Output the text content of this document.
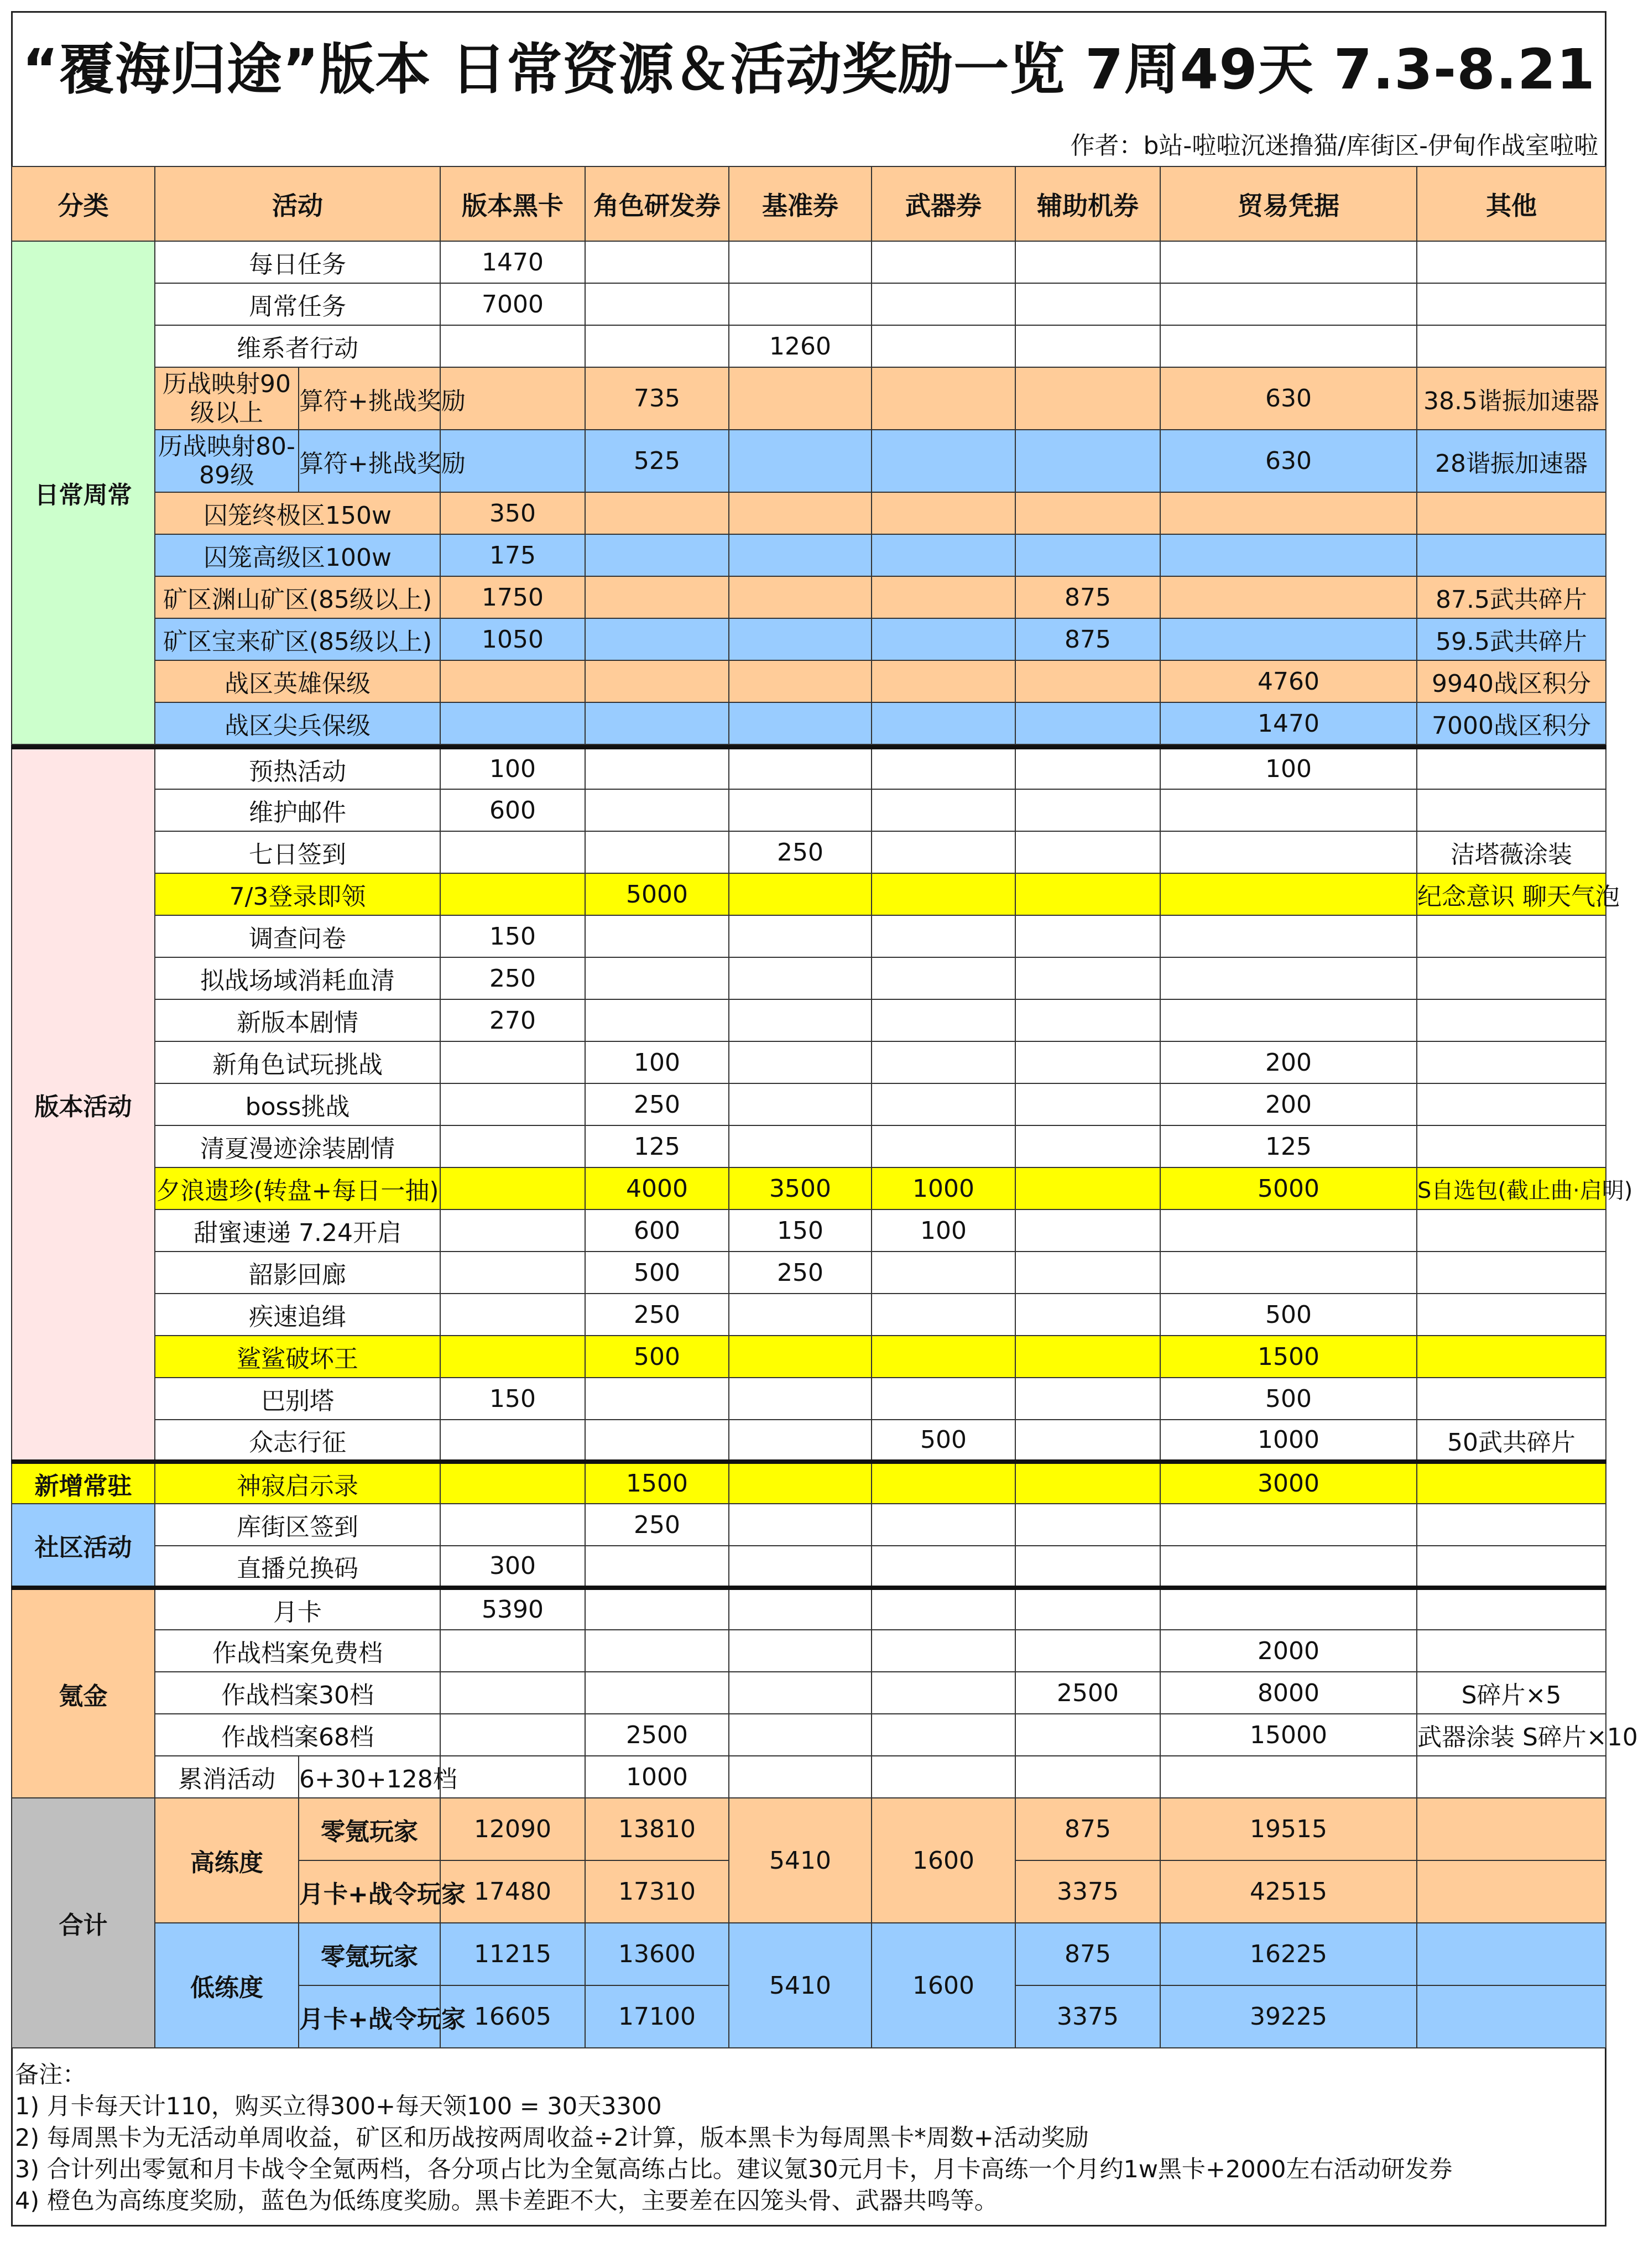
“覆海归途”版本 日常资源＆活动奖励一览 7周49天 7.3-8.21
作者：b站-啦啦沉迷撸猫/库街区-伊甸作战室啦啦
分类	活动		版本黑卡	角色研发券	基准券	武器券	辅助机券	贸易凭据	其他
日常周常	每日任务		1470						
	周常任务		7000						
	维系者行动				1260				
	历战映射90级以上	算符+挑战奖励		735				630	38.5谐振加速器
	历战映射80-89级	算符+挑战奖励		525				630	28谐振加速器
	囚笼终极区150w		350						
	囚笼高级区100w		175						
	矿区渊山矿区(85级以上)		1750				875		87.5武共碎片
	矿区宝来矿区(85级以上)		1050				875		59.5武共碎片
	战区英雄保级							4760	9940战区积分
	战区尖兵保级							1470	7000战区积分
版本活动	预热活动		100					100	
	维护邮件		600						
	七日签到				250				洁塔薇涂装
	7/3登录即领			5000					纪念意识 聊天气泡
	调查问卷		150						
	拟战场域消耗血清		250						
	新版本剧情		270						
	新角色试玩挑战			100				200	
	boss挑战			250				200	
	清夏漫迹涂装剧情			125				125	
	夕浪遗珍(转盘+每日一抽)			4000	3500	1000		5000	S自选包(截止曲·启明)
	甜蜜速递 7.24开启			600	150	100			
	韶影回廊			500	250				
	疾速追缉			250				500	
	鲨鲨破坏王			500				1500	
	巴别塔		150					500	
	众志行征					500		1000	50武共碎片
新增常驻	神寂启示录			1500				3000	
社区活动	库街区签到			250					
	直播兑换码		300						
氪金	月卡		5390						
	作战档案免费档							2000	
	作战档案30档						2500	8000	S碎片×5
	作战档案68档			2500				15000	武器涂装 S碎片×10
	累消活动	6+30+128档		1000					
合计	高练度	零氪玩家	12090	13810	5410	1600	875	19515	
		月卡+战令玩家	17480	17310			3375	42515	
	低练度	零氪玩家	11215	13600	5410	1600	875	16225	
		月卡+战令玩家	16605	17100			3375	39225	
备注：
1) 月卡每天计110，购买立得300+每天领100 = 30天3300
2) 每周黑卡为无活动单周收益，矿区和历战按两周收益÷2计算，版本黑卡为每周黑卡*周数+活动奖励
3) 合计列出零氪和月卡战令全氪两档，各分项占比为全氪高练占比。建议氪30元月卡，月卡高练一个月约1w黑卡+2000左右活动研发券
4) 橙色为高练度奖励，蓝色为低练度奖励。黑卡差距不大，主要差在囚笼头骨、武器共鸣等。
